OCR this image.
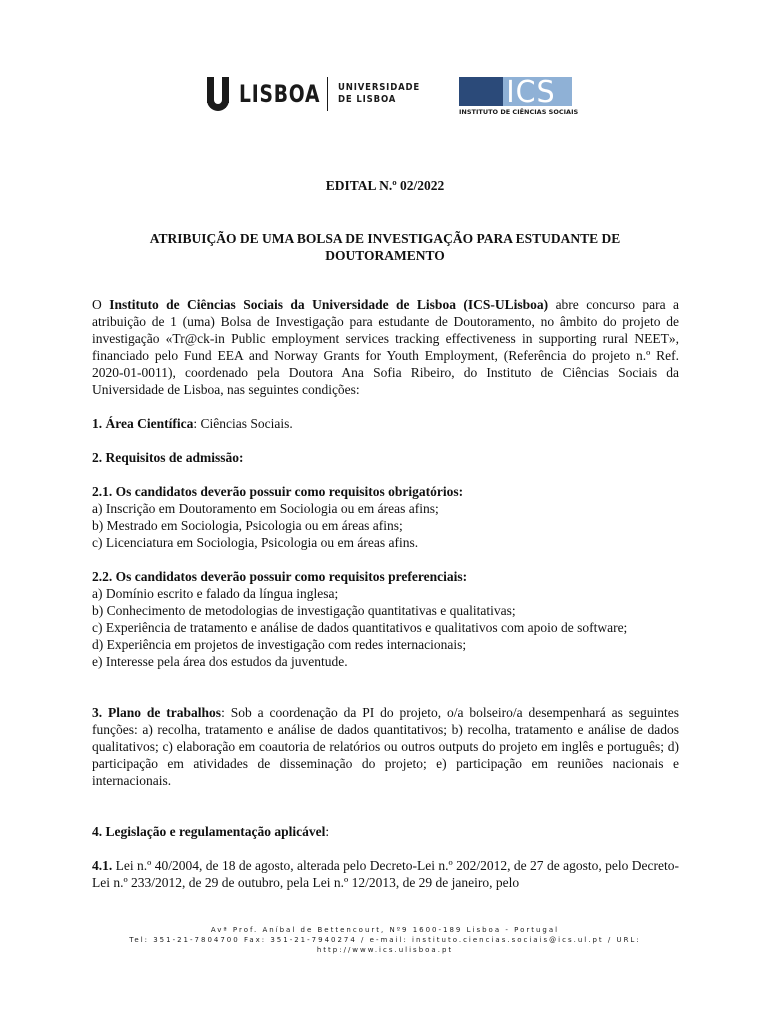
LISBOA UNIVERSIDADE
DE LISBOA	ICS
INSTITUTO DE CIÊNCIAS SOCIAIS
EDITAL N.º 02/2022
ATRIBUIÇÃO DE UMA BOLSA DE INVESTIGAÇÃO PARA ESTUDANTE DE DOUTORAMENTO

O Instituto de Ciências Sociais da Universidade de Lisboa (ICS-ULisboa) abre concurso para a atribuição de 1 (uma) Bolsa de Investigação para estudante de Doutoramento, no âmbito do projeto de investigação «Tr@ck-in Public employment services tracking effectiveness in supporting rural NEET», financiado pelo Fund EEA and Norway Grants for Youth Employment, (Referência do projeto n.º Ref. 2020-01-0011), coordenado pela Doutora Ana Sofia Ribeiro, do Instituto de Ciências Sociais da Universidade de Lisboa, nas seguintes condições:

1. Área Científica: Ciências Sociais.

2. Requisitos de admissão:

2.1. Os candidatos deverão possuir como requisitos obrigatórios:

a) Inscrição em Doutoramento em Sociologia ou em áreas afins;

b) Mestrado em Sociologia, Psicologia ou em áreas afins;

c) Licenciatura em Sociologia, Psicologia ou em áreas afins.

2.2. Os candidatos deverão possuir como requisitos preferenciais:

a) Domínio escrito e falado da língua inglesa;

b) Conhecimento de metodologias de investigação quantitativas e qualitativas;

c) Experiência de tratamento e análise de dados quantitativos e qualitativos com apoio de software;

d) Experiência em projetos de investigação com redes internacionais;

e) Interesse pela área dos estudos da juventude.

3. Plano de trabalhos: Sob a coordenação da PI do projeto, o/a bolseiro/a desempenhará as seguintes funções: a) recolha, tratamento e análise de dados quantitativos; b) recolha, tratamento e análise de dados qualitativos; c) elaboração em coautoria de relatórios ou outros outputs do projeto em inglês e português; d) participação em atividades de disseminação do projeto; e) participação em reuniões nacionais e internacionais.

4. Legislação e regulamentação aplicável:

4.1. Lei n.º 40/2004, de 18 de agosto, alterada pelo Decreto-Lei n.º 202/2012, de 27 de agosto, pelo Decreto-Lei n.º 233/2012, de 29 de outubro, pela Lei n.º 12/2013, de 29 de janeiro, pelo

Avª Prof. Aníbal de Bettencourt, Nº9 1600-189 Lisboa - Portugal
Tel: 351-21-7804700 Fax: 351-21-7940274 / e-mail: instituto.ciencias.sociais@ics.ul.pt / URL:
http://www.ics.ulisboa.pt
